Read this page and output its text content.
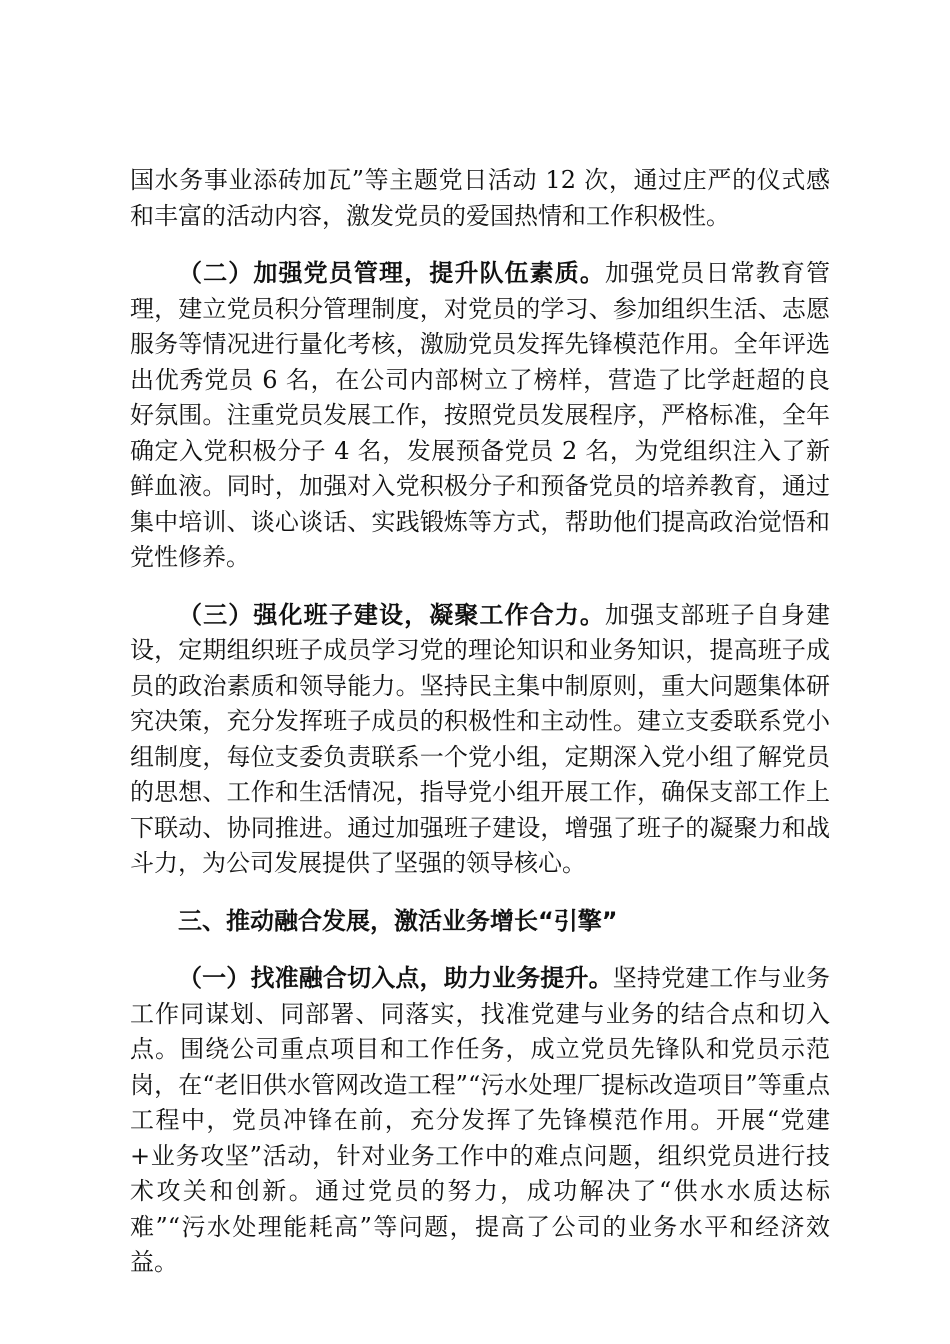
国水务事业添砖加瓦”等主题党日活动 12 次，通过庄严的仪式感和丰富的活动内容，激发党员的爱国热情和工作积极性。

（二）加强党员管理，提升队伍素质。加强党员日常教育管理，建立党员积分管理制度，对党员的学习、参加组织生活、志愿服务等情况进行量化考核，激励党员发挥先锋模范作用。全年评选出优秀党员 6 名，在公司内部树立了榜样，营造了比学赶超的良好氛围。注重党员发展工作，按照党员发展程序，严格标准，全年确定入党积极分子 4 名，发展预备党员 2 名，为党组织注入了新鲜血液。同时，加强对入党积极分子和预备党员的培养教育，通过集中培训、谈心谈话、实践锻炼等方式，帮助他们提高政治觉悟和党性修养。

（三）强化班子建设，凝聚工作合力。加强支部班子自身建设，定期组织班子成员学习党的理论知识和业务知识，提高班子成员的政治素质和领导能力。坚持民主集中制原则，重大问题集体研究决策，充分发挥班子成员的积极性和主动性。建立支委联系党小组制度，每位支委负责联系一个党小组，定期深入党小组了解党员的思想、工作和生活情况，指导党小组开展工作，确保支部工作上下联动、协同推进。通过加强班子建设，增强了班子的凝聚力和战斗力，为公司发展提供了坚强的领导核心。

三、推动融合发展，激活业务增长“引擎”

（一）找准融合切入点，助力业务提升。坚持党建工作与业务工作同谋划、同部署、同落实，找准党建与业务的结合点和切入点。围绕公司重点项目和工作任务，成立党员先锋队和党员示范岗，在“老旧供水管网改造工程”“污水处理厂提标改造项目”等重点工程中，党员冲锋在前，充分发挥了先锋模范作用。开展“党建+业务攻坚”活动，针对业务工作中的难点问题，组织党员进行技术攻关和创新。通过党员的努力，成功解决了“供水水质达标难”“污水处理能耗高”等问题，提高了公司的业务水平和经济效益。
